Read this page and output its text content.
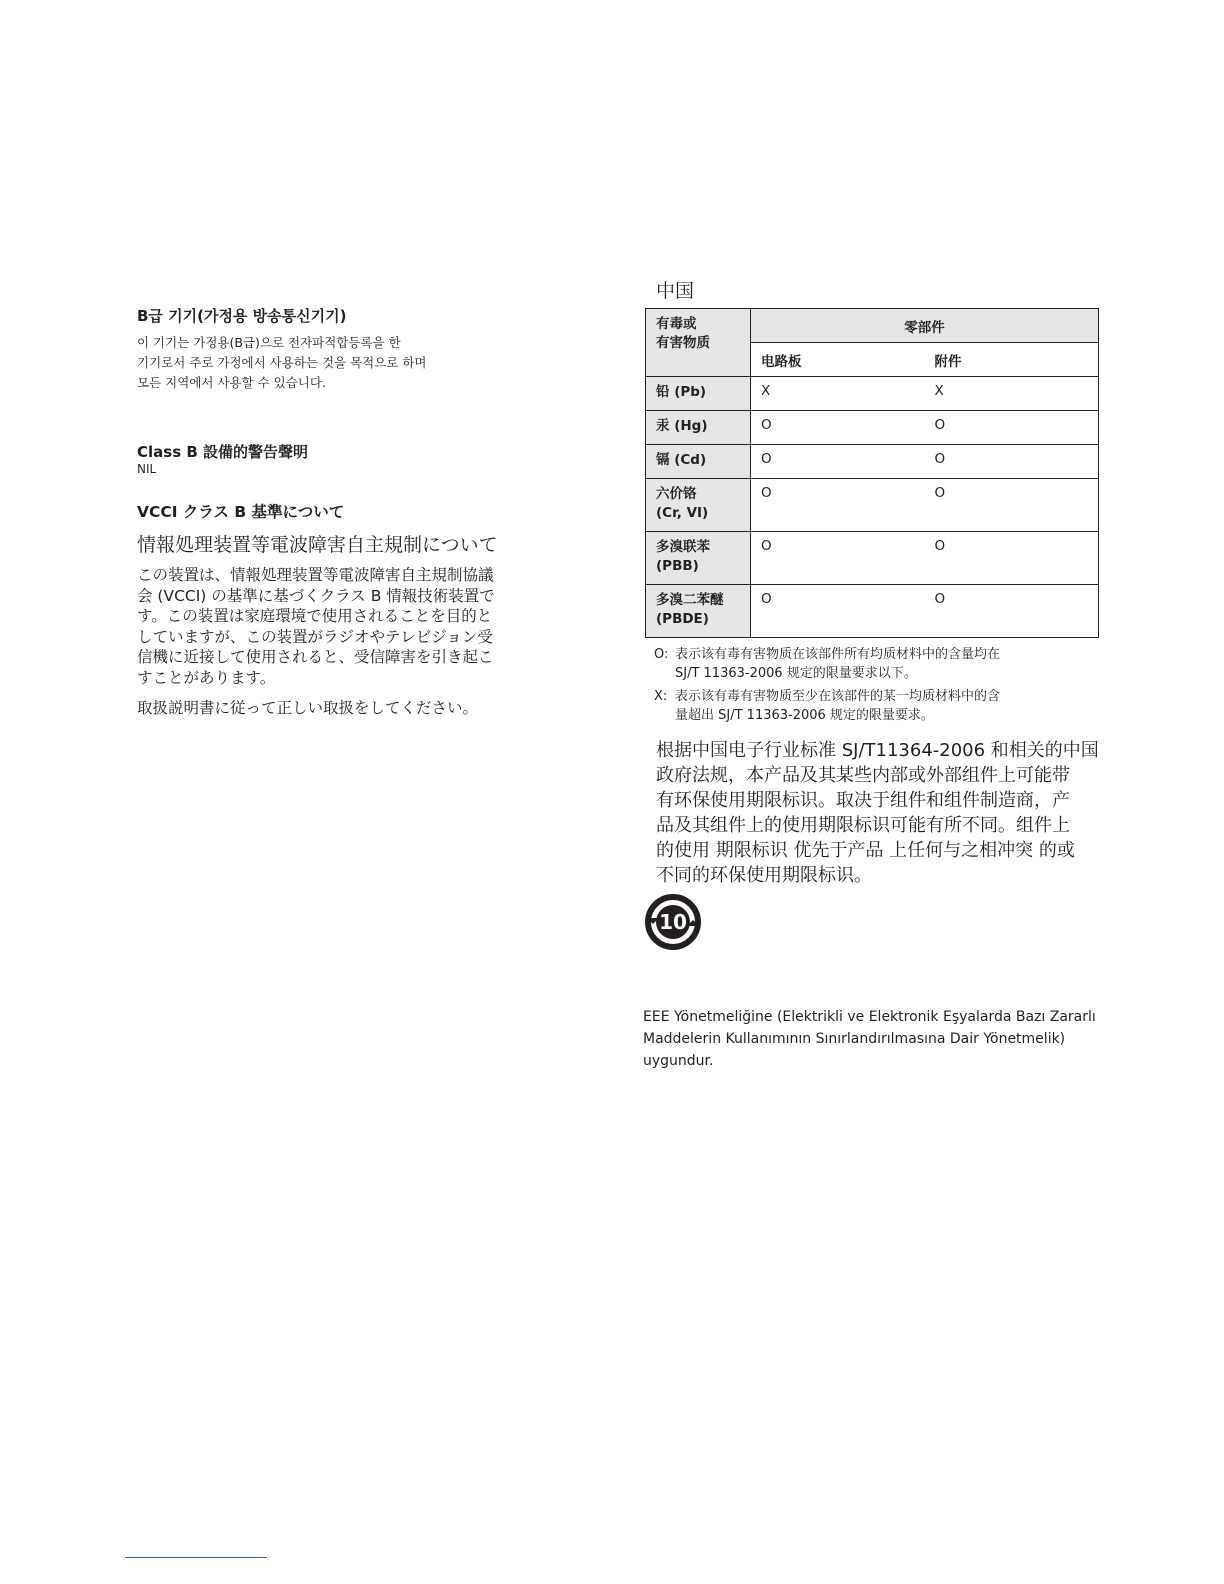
B급 기기(가정용 방송통신기기)
이 기기는 가정용(B급)으로 전자파적합등록을 한
기기로서 주로 가정에서 사용하는 것을 목적으로 하며
모든 지역에서 사용할 수 있습니다.
Class B 設備的警告聲明
NIL
VCCI クラス B 基準について
情報処理装置等電波障害自主規制について
この装置は、情報処理装置等電波障害自主規制協議
会 (VCCI) の基準に基づくクラス B 情報技術装置で
す。この装置は家庭環境で使用されることを目的と
していますが、この装置がラジオやテレビジョン受
信機に近接して使用されると、受信障害を引き起こ
すことがあります。
取扱説明書に従って正しい取扱をしてください。
中国
有毒或
有害物质	零部件	
	电路板	附件

铅 (Pb)	X	X

汞 (Hg)	O	O

镉 (Cd)	O	O

六价铬
(Cr, VI)	O	O

多溴联苯
(PBB)	O	O

多溴二苯醚
(PBDE)	O	O
O: 表示该有毒有害物质在该部件所有均质材料中的含量均在
SJ/T 11363-2006 规定的限量要求以下。
X: 表示该有毒有害物质至少在该部件的某一均质材料中的含
量超出 SJ/T 11363-2006 规定的限量要求。
根据中国电子行业标准 SJ/T11364-2006 和相关的中国
政府法规，本产品及其某些内部或外部组件上可能带
有环保使用期限标识。取决于组件和组件制造商，产
品及其组件上的使用期限标识可能有所不同。组件上
的使用 期限标识 优先于产品 上任何与之相冲突 的或
不同的环保使用期限标识。
10
EEE Yönetmeliğine (Elektrikli ve Elektronik Eşyalarda Bazı Zararlı
Maddelerin Kullanımının Sınırlandırılmasına Dair Yönetmelik)
uygundur.
